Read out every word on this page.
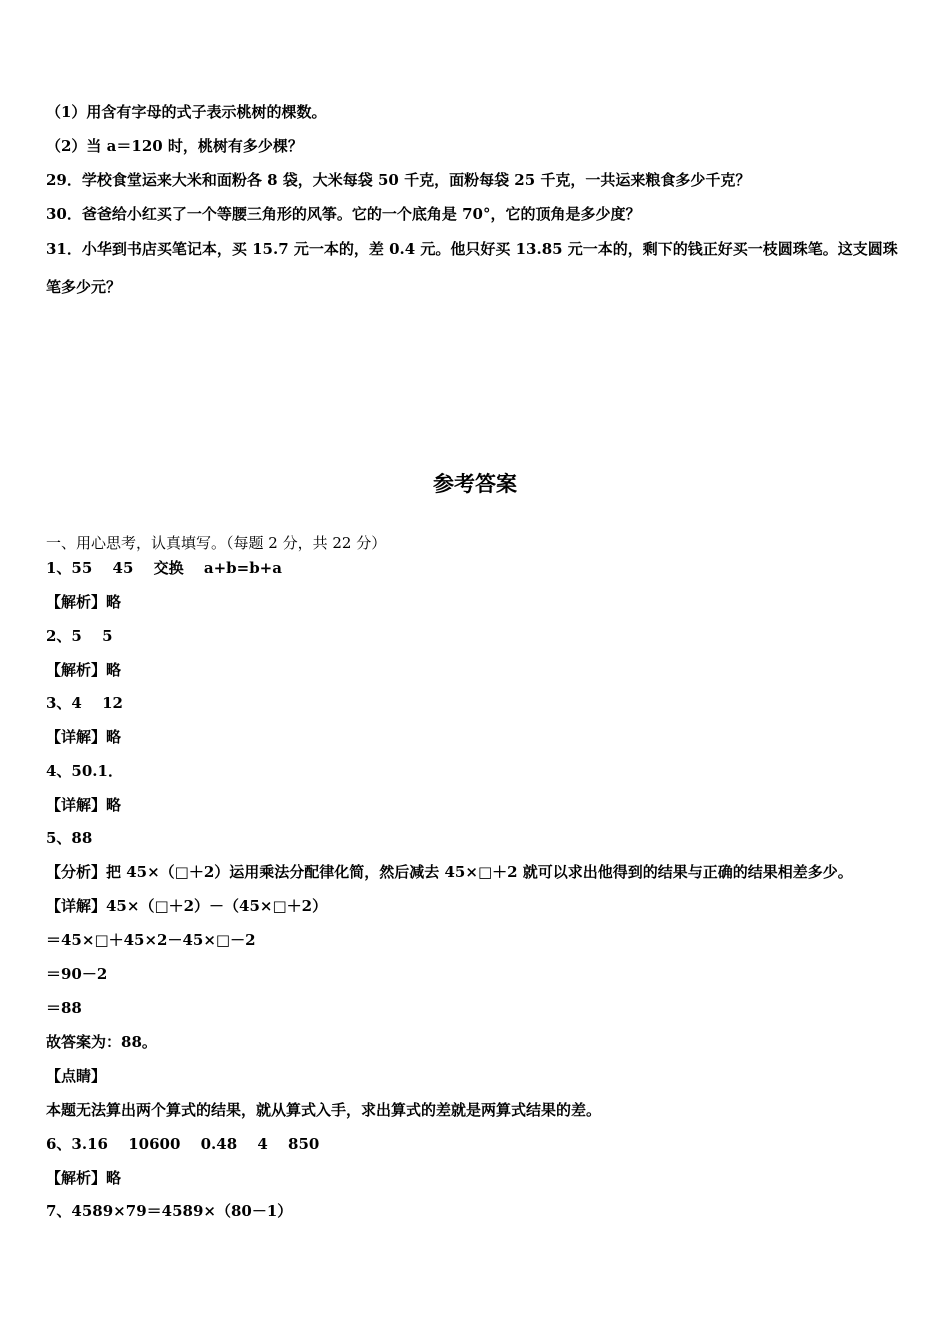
（1）用含有字母的式子表示桃树的棵数。
（2）当 a＝120 时，桃树有多少棵？
29．学校食堂运来大米和面粉各 8 袋，大米每袋 50 千克，面粉每袋 25 千克，一共运来粮食多少千克？
30．爸爸给小红买了一个等腰三角形的风筝。它的一个底角是 70°，它的顶角是多少度？
31．小华到书店买笔记本，买 15.7 元一本的，差 0.4 元。他只好买 13.85 元一本的，剩下的钱正好买一枝圆珠笔。这支圆珠笔多少元？
参考答案
一、用心思考，认真填写。（每题 2 分，共 22 分）
1、55　 45　 交换　 a+b=b+a
【解析】略
2、5　 5
【解析】略
3、4　 12
【详解】略
4、50.1．
【详解】略
5、88
【分析】把 45×（□＋2）运用乘法分配律化简，然后减去 45×□＋2 就可以求出他得到的结果与正确的结果相差多少。
【详解】45×（□＋2）－（45×□＋2）
＝45×□＋45×2－45×□－2
＝90－2
＝88
故答案为：88。
【点睛】
本题无法算出两个算式的结果，就从算式入手，求出算式的差就是两算式结果的差。
6、3.16　 10600　 0.48　 4　 850
【解析】略
7、4589×79＝4589×（80－1）
